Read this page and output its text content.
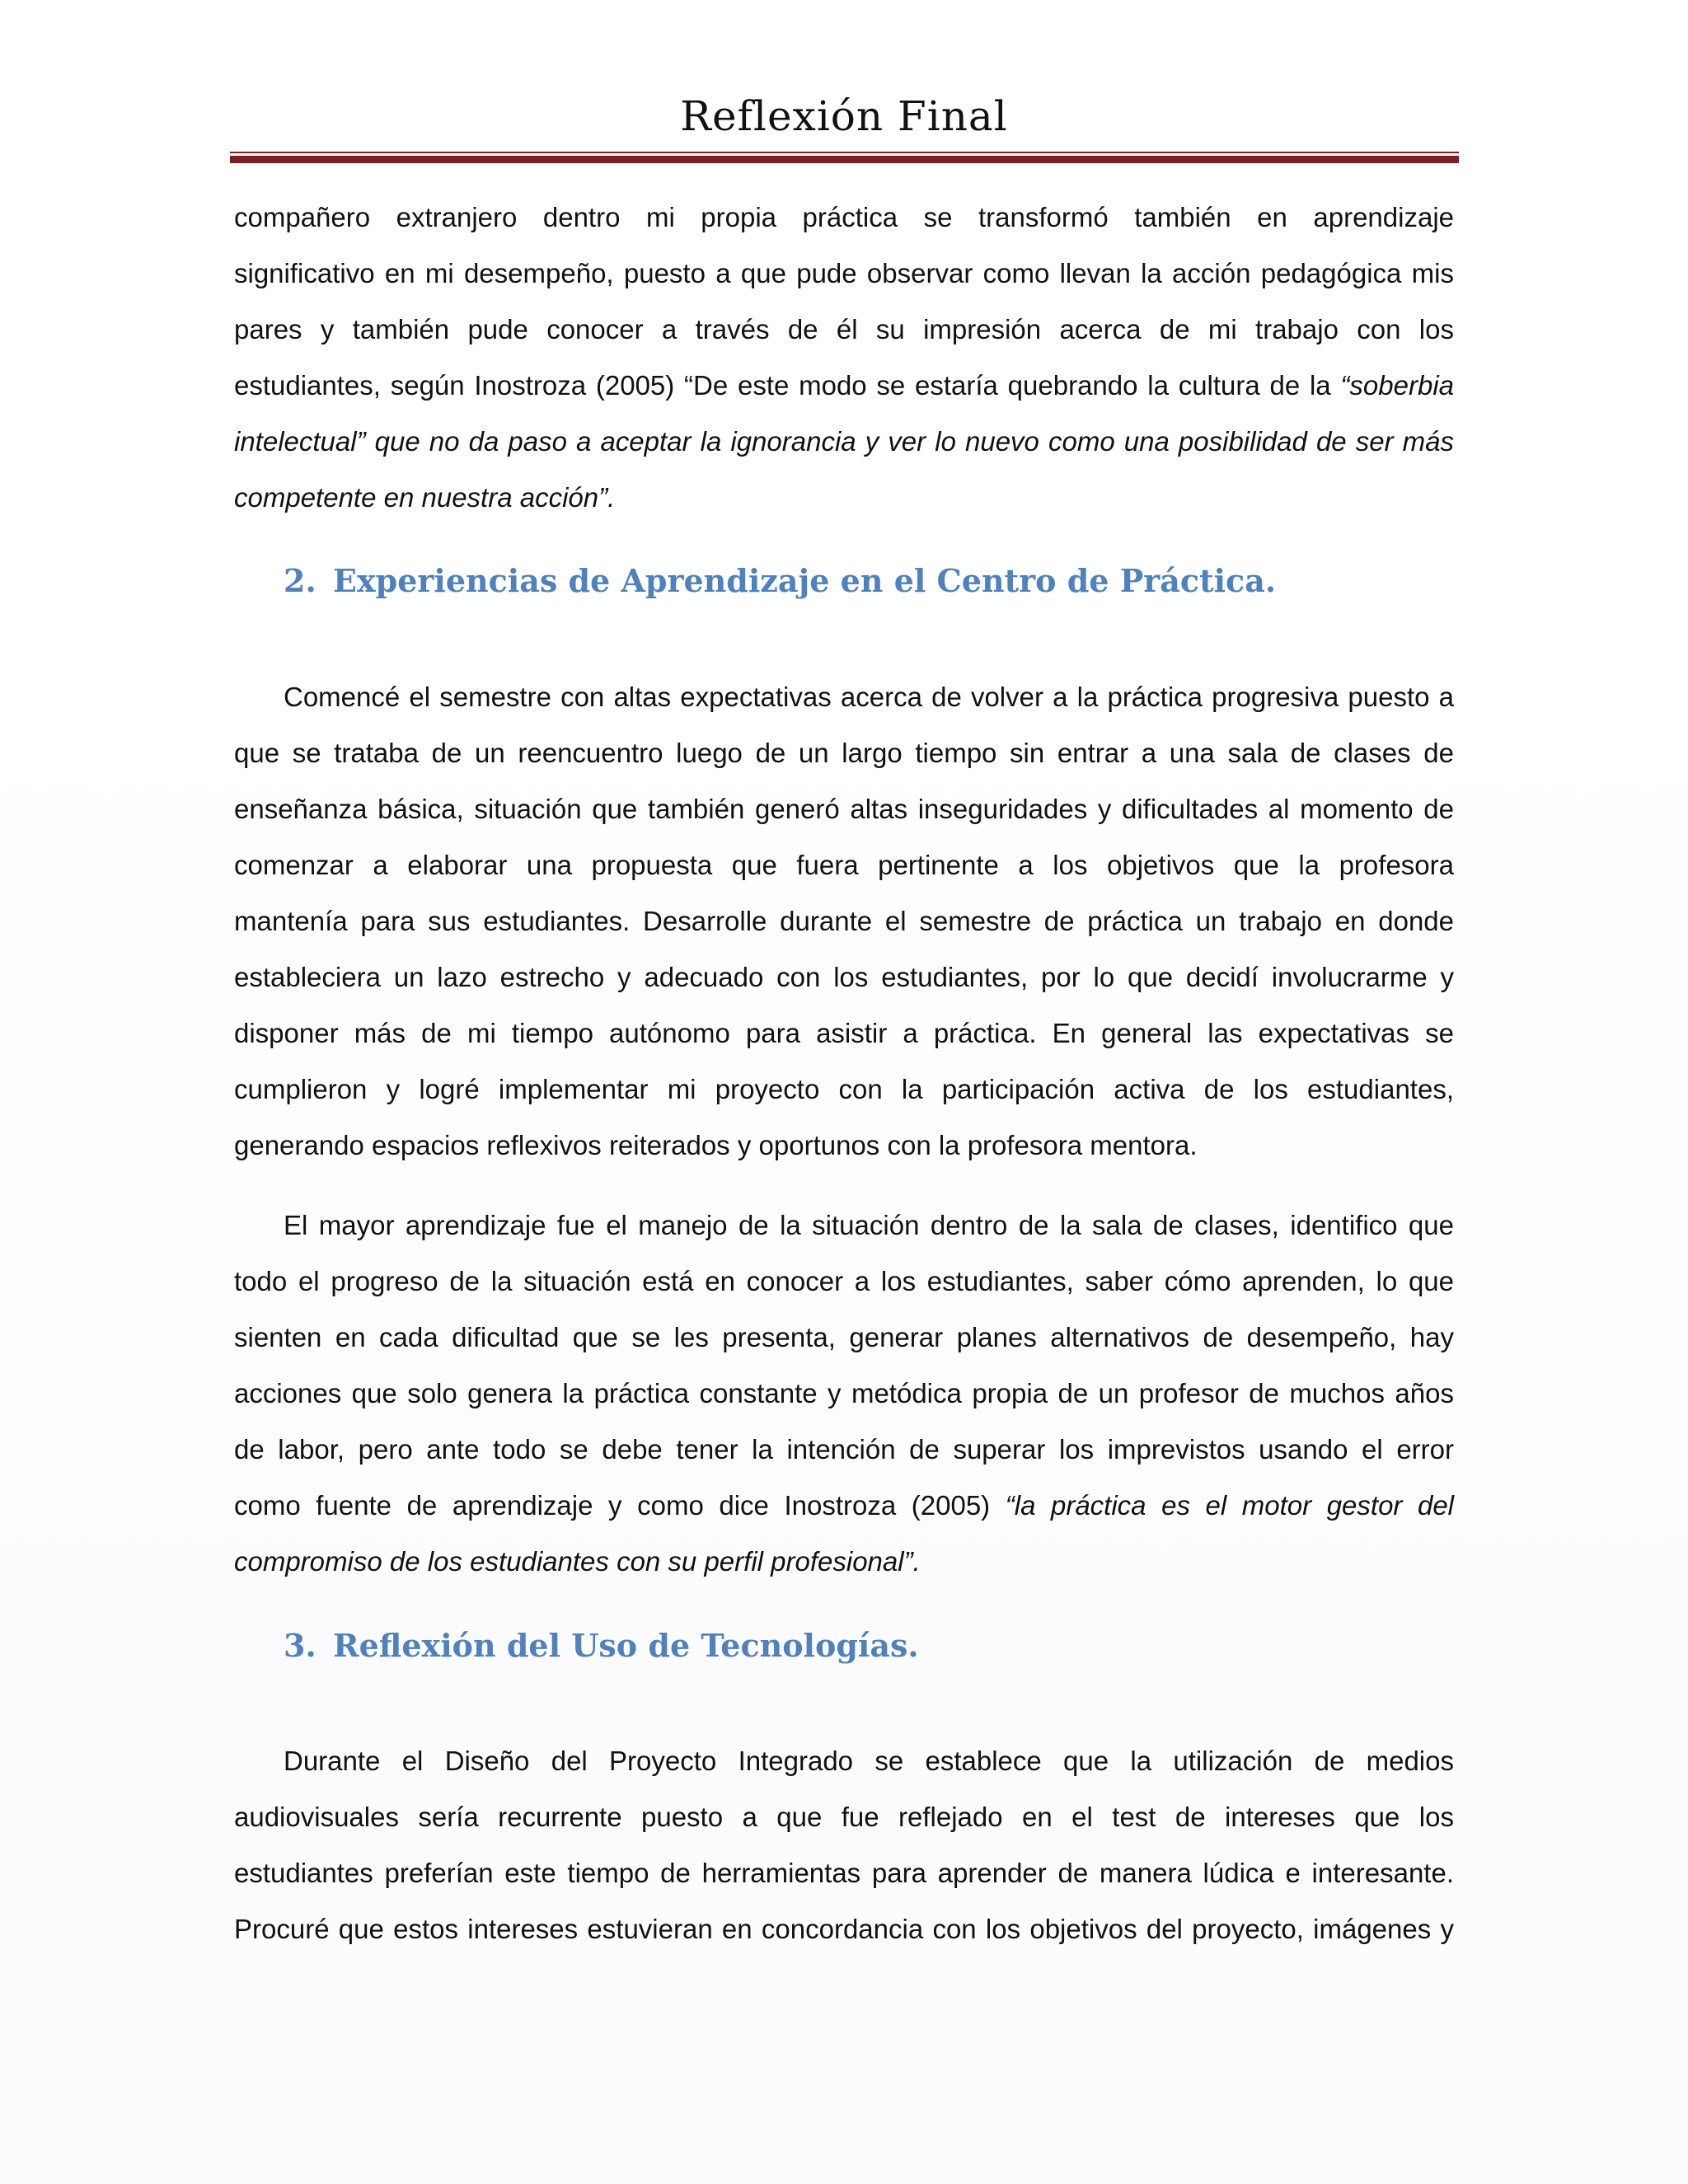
Reflexión Final
compañero extranjero dentro mi propia práctica se transformó también en aprendizaje
significativo en mi desempeño, puesto a que pude observar como llevan la acción pedagógica mis
pares y también pude conocer a través de él su impresión acerca de mi trabajo con los
estudiantes, según Inostroza (2005) “De este modo se estaría quebrando la cultura de la “soberbia
intelectual” que no da paso a aceptar la ignorancia y ver lo nuevo como una posibilidad de ser más
competente en nuestra acción”.
2. Experiencias de Aprendizaje en el Centro de Práctica.
Comencé el semestre con altas expectativas acerca de volver a la práctica progresiva puesto a
que se trataba de un reencuentro luego de un largo tiempo sin entrar a una sala de clases de
enseñanza básica, situación que también generó altas inseguridades y dificultades al momento de
comenzar a elaborar una propuesta que fuera pertinente a los objetivos que la profesora
mantenía para sus estudiantes. Desarrolle durante el semestre de práctica un trabajo en donde
estableciera un lazo estrecho y adecuado con los estudiantes, por lo que decidí involucrarme y
disponer más de mi tiempo autónomo para asistir a práctica. En general las expectativas se
cumplieron y logré implementar mi proyecto con la participación activa de los estudiantes,
generando espacios reflexivos reiterados y oportunos con la profesora mentora.
El mayor aprendizaje fue el manejo de la situación dentro de la sala de clases, identifico que
todo el progreso de la situación está en conocer a los estudiantes, saber cómo aprenden, lo que
sienten en cada dificultad que se les presenta, generar planes alternativos de desempeño, hay
acciones que solo genera la práctica constante y metódica propia de un profesor de muchos años
de labor, pero ante todo se debe tener la intención de superar los imprevistos usando el error
como fuente de aprendizaje y como dice Inostroza (2005) “la práctica es el motor gestor del
compromiso de los estudiantes con su perfil profesional”.
3. Reflexión del Uso de Tecnologías.
Durante el Diseño del Proyecto Integrado se establece que la utilización de medios
audiovisuales sería recurrente puesto a que fue reflejado en el test de intereses que los
estudiantes preferían este tiempo de herramientas para aprender de manera lúdica e interesante.
Procuré que estos intereses estuvieran en concordancia con los objetivos del proyecto, imágenes y
